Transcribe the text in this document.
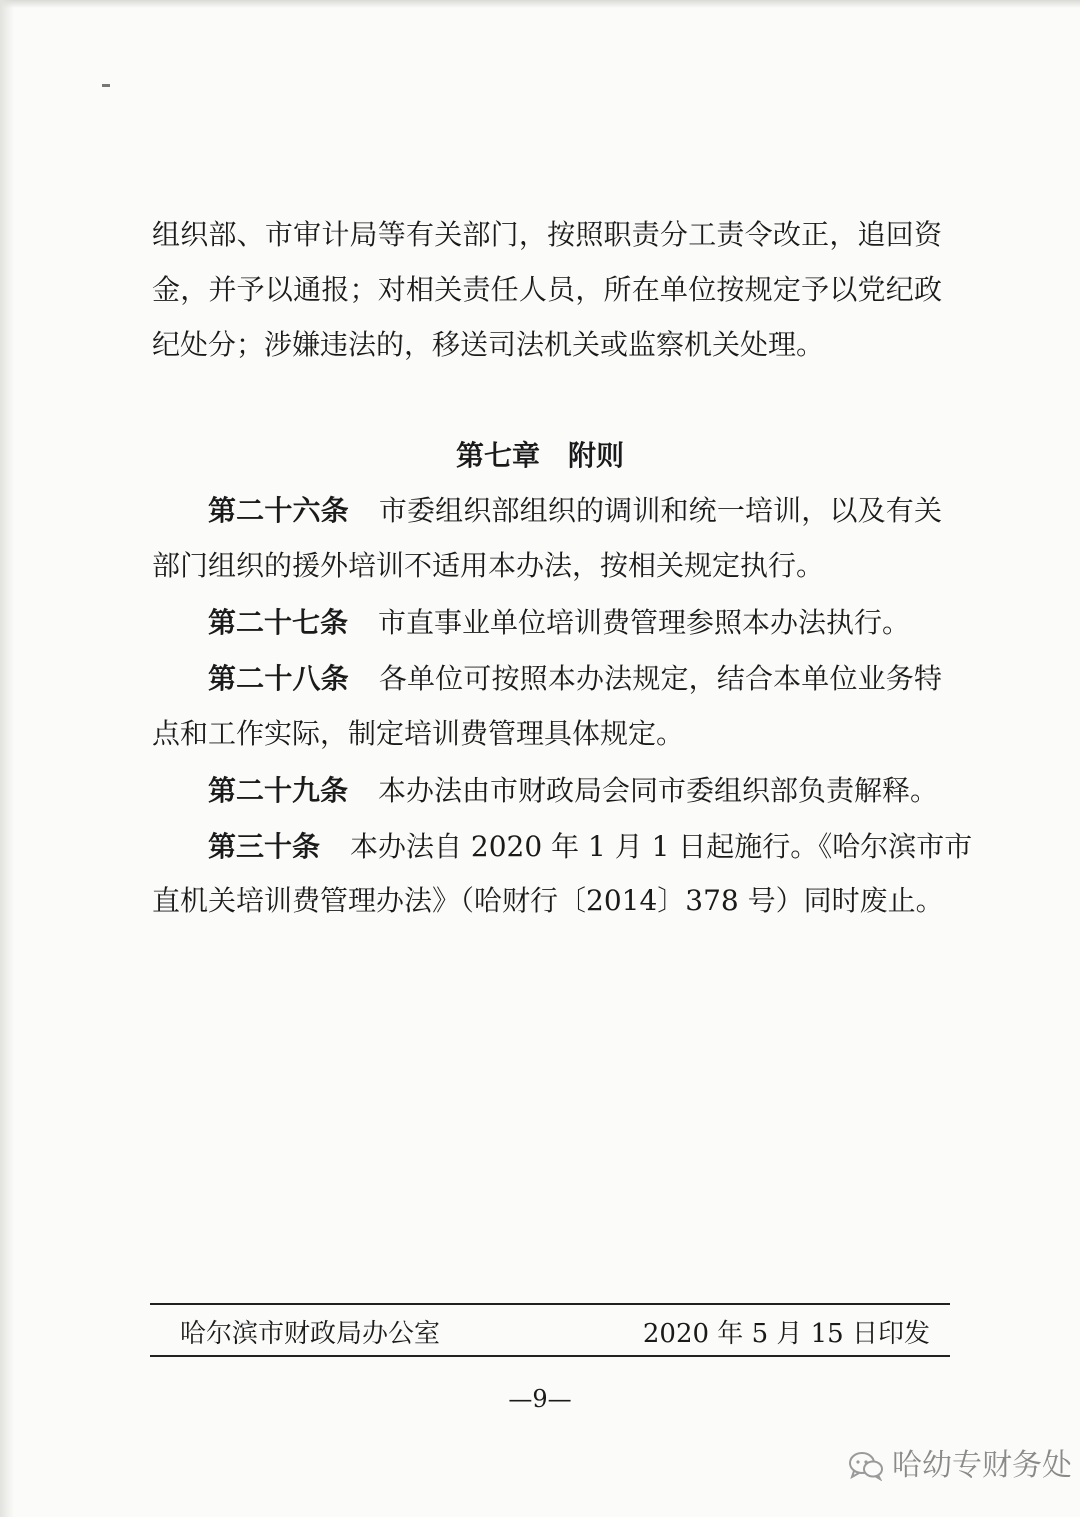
组织部、市审计局等有关部门，按照职责分工责令改正，追回资
金，并予以通报；对相关责任人员，所在单位按规定予以党纪政
纪处分；涉嫌违法的，移送司法机关或监察机关处理。
第七章 附则
第二十六条 市委组织部组织的调训和统一培训，以及有关
部门组织的援外培训不适用本办法，按相关规定执行。
第二十七条 市直事业单位培训费管理参照本办法执行。
第二十八条 各单位可按照本办法规定，结合本单位业务特
点和工作实际，制定培训费管理具体规定。
第二十九条 本办法由市财政局会同市委组织部负责解释。
第三十条 本办法自 2020 年 1 月 1 日起施行。《哈尔滨市市
直机关培训费管理办法》（哈财行〔2014〕378 号）同时废止。
哈尔滨市财政局办公室	2020 年 5 月 15 日印发
—9—
哈幼专财务处
